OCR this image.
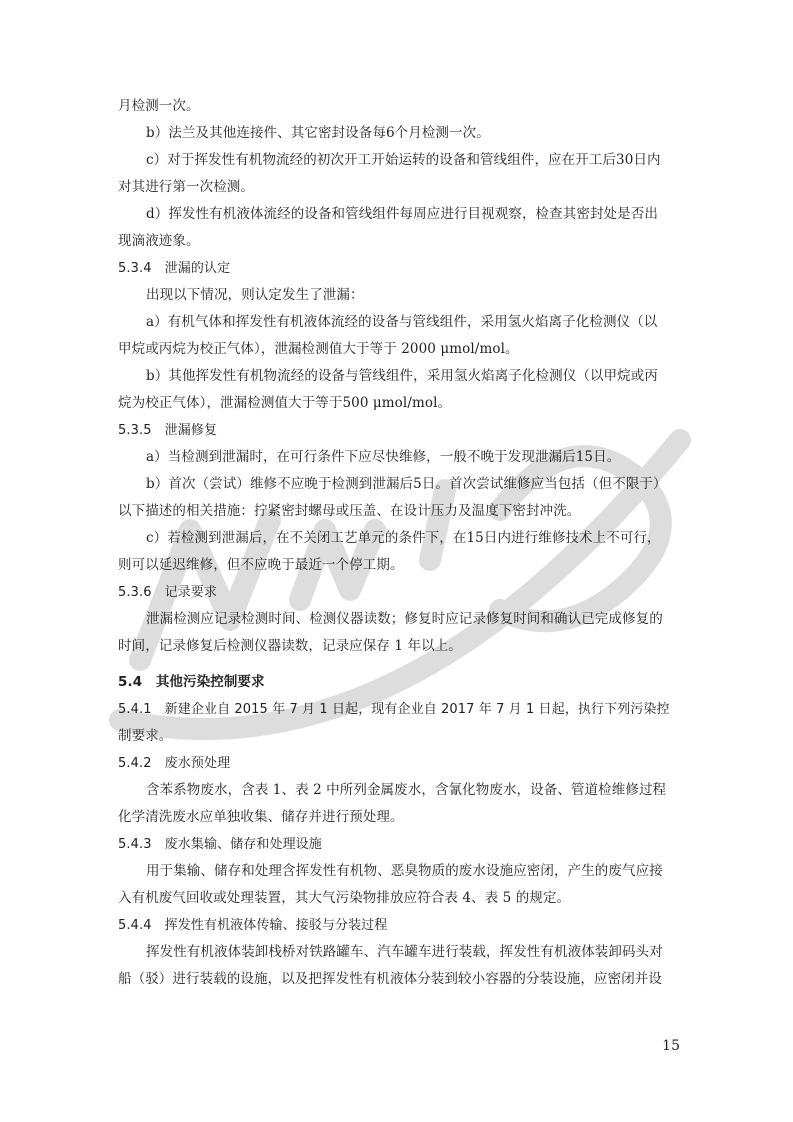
月检测一次。
b）法兰及其他连接件、其它密封设备每6个月检测一次。
c）对于挥发性有机物流经的初次开工开始运转的设备和管线组件，应在开工后30日内
对其进行第一次检测。
d）挥发性有机液体流经的设备和管线组件每周应进行目视观察，检查其密封处是否出
现滴液迹象。
5.3.4　泄漏的认定
出现以下情况，则认定发生了泄漏：
a）有机气体和挥发性有机液体流经的设备与管线组件，采用氢火焰离子化检测仪（以
甲烷或丙烷为校正气体），泄漏检测值大于等于 2000 μmol/mol。
b）其他挥发性有机物流经的设备与管线组件，采用氢火焰离子化检测仪（以甲烷或丙
烷为校正气体），泄漏检测值大于等于500 μmol/mol。
5.3.5　泄漏修复
a）当检测到泄漏时，在可行条件下应尽快维修，一般不晚于发现泄漏后15日。
b）首次（尝试）维修不应晚于检测到泄漏后5日。首次尝试维修应当包括（但不限于）
以下描述的相关措施：拧紧密封螺母或压盖、在设计压力及温度下密封冲洗。
c）若检测到泄漏后，在不关闭工艺单元的条件下，在15日内进行维修技术上不可行，
则可以延迟维修，但不应晚于最近一个停工期。
5.3.6　记录要求
泄漏检测应记录检测时间、检测仪器读数；修复时应记录修复时间和确认已完成修复的
时间，记录修复后检测仪器读数，记录应保存 1 年以上。
5.4　其他污染控制要求
5.4.1　新建企业自 2015 年 7 月 1 日起，现有企业自 2017 年 7 月 1 日起，执行下列污染控
制要求。
5.4.2　废水预处理
含苯系物废水，含表 1、表 2 中所列金属废水，含氰化物废水，设备、管道检维修过程
化学清洗废水应单独收集、储存并进行预处理。
5.4.3　废水集输、储存和处理设施
用于集输、储存和处理含挥发性有机物、恶臭物质的废水设施应密闭，产生的废气应接
入有机废气回收或处理装置，其大气污染物排放应符合表 4、表 5 的规定。
5.4.4　挥发性有机液体传输、接驳与分装过程
挥发性有机液体装卸栈桥对铁路罐车、汽车罐车进行装载，挥发性有机液体装卸码头对
船（驳）进行装载的设施，以及把挥发性有机液体分装到较小容器的分装设施，应密闭并设
15
